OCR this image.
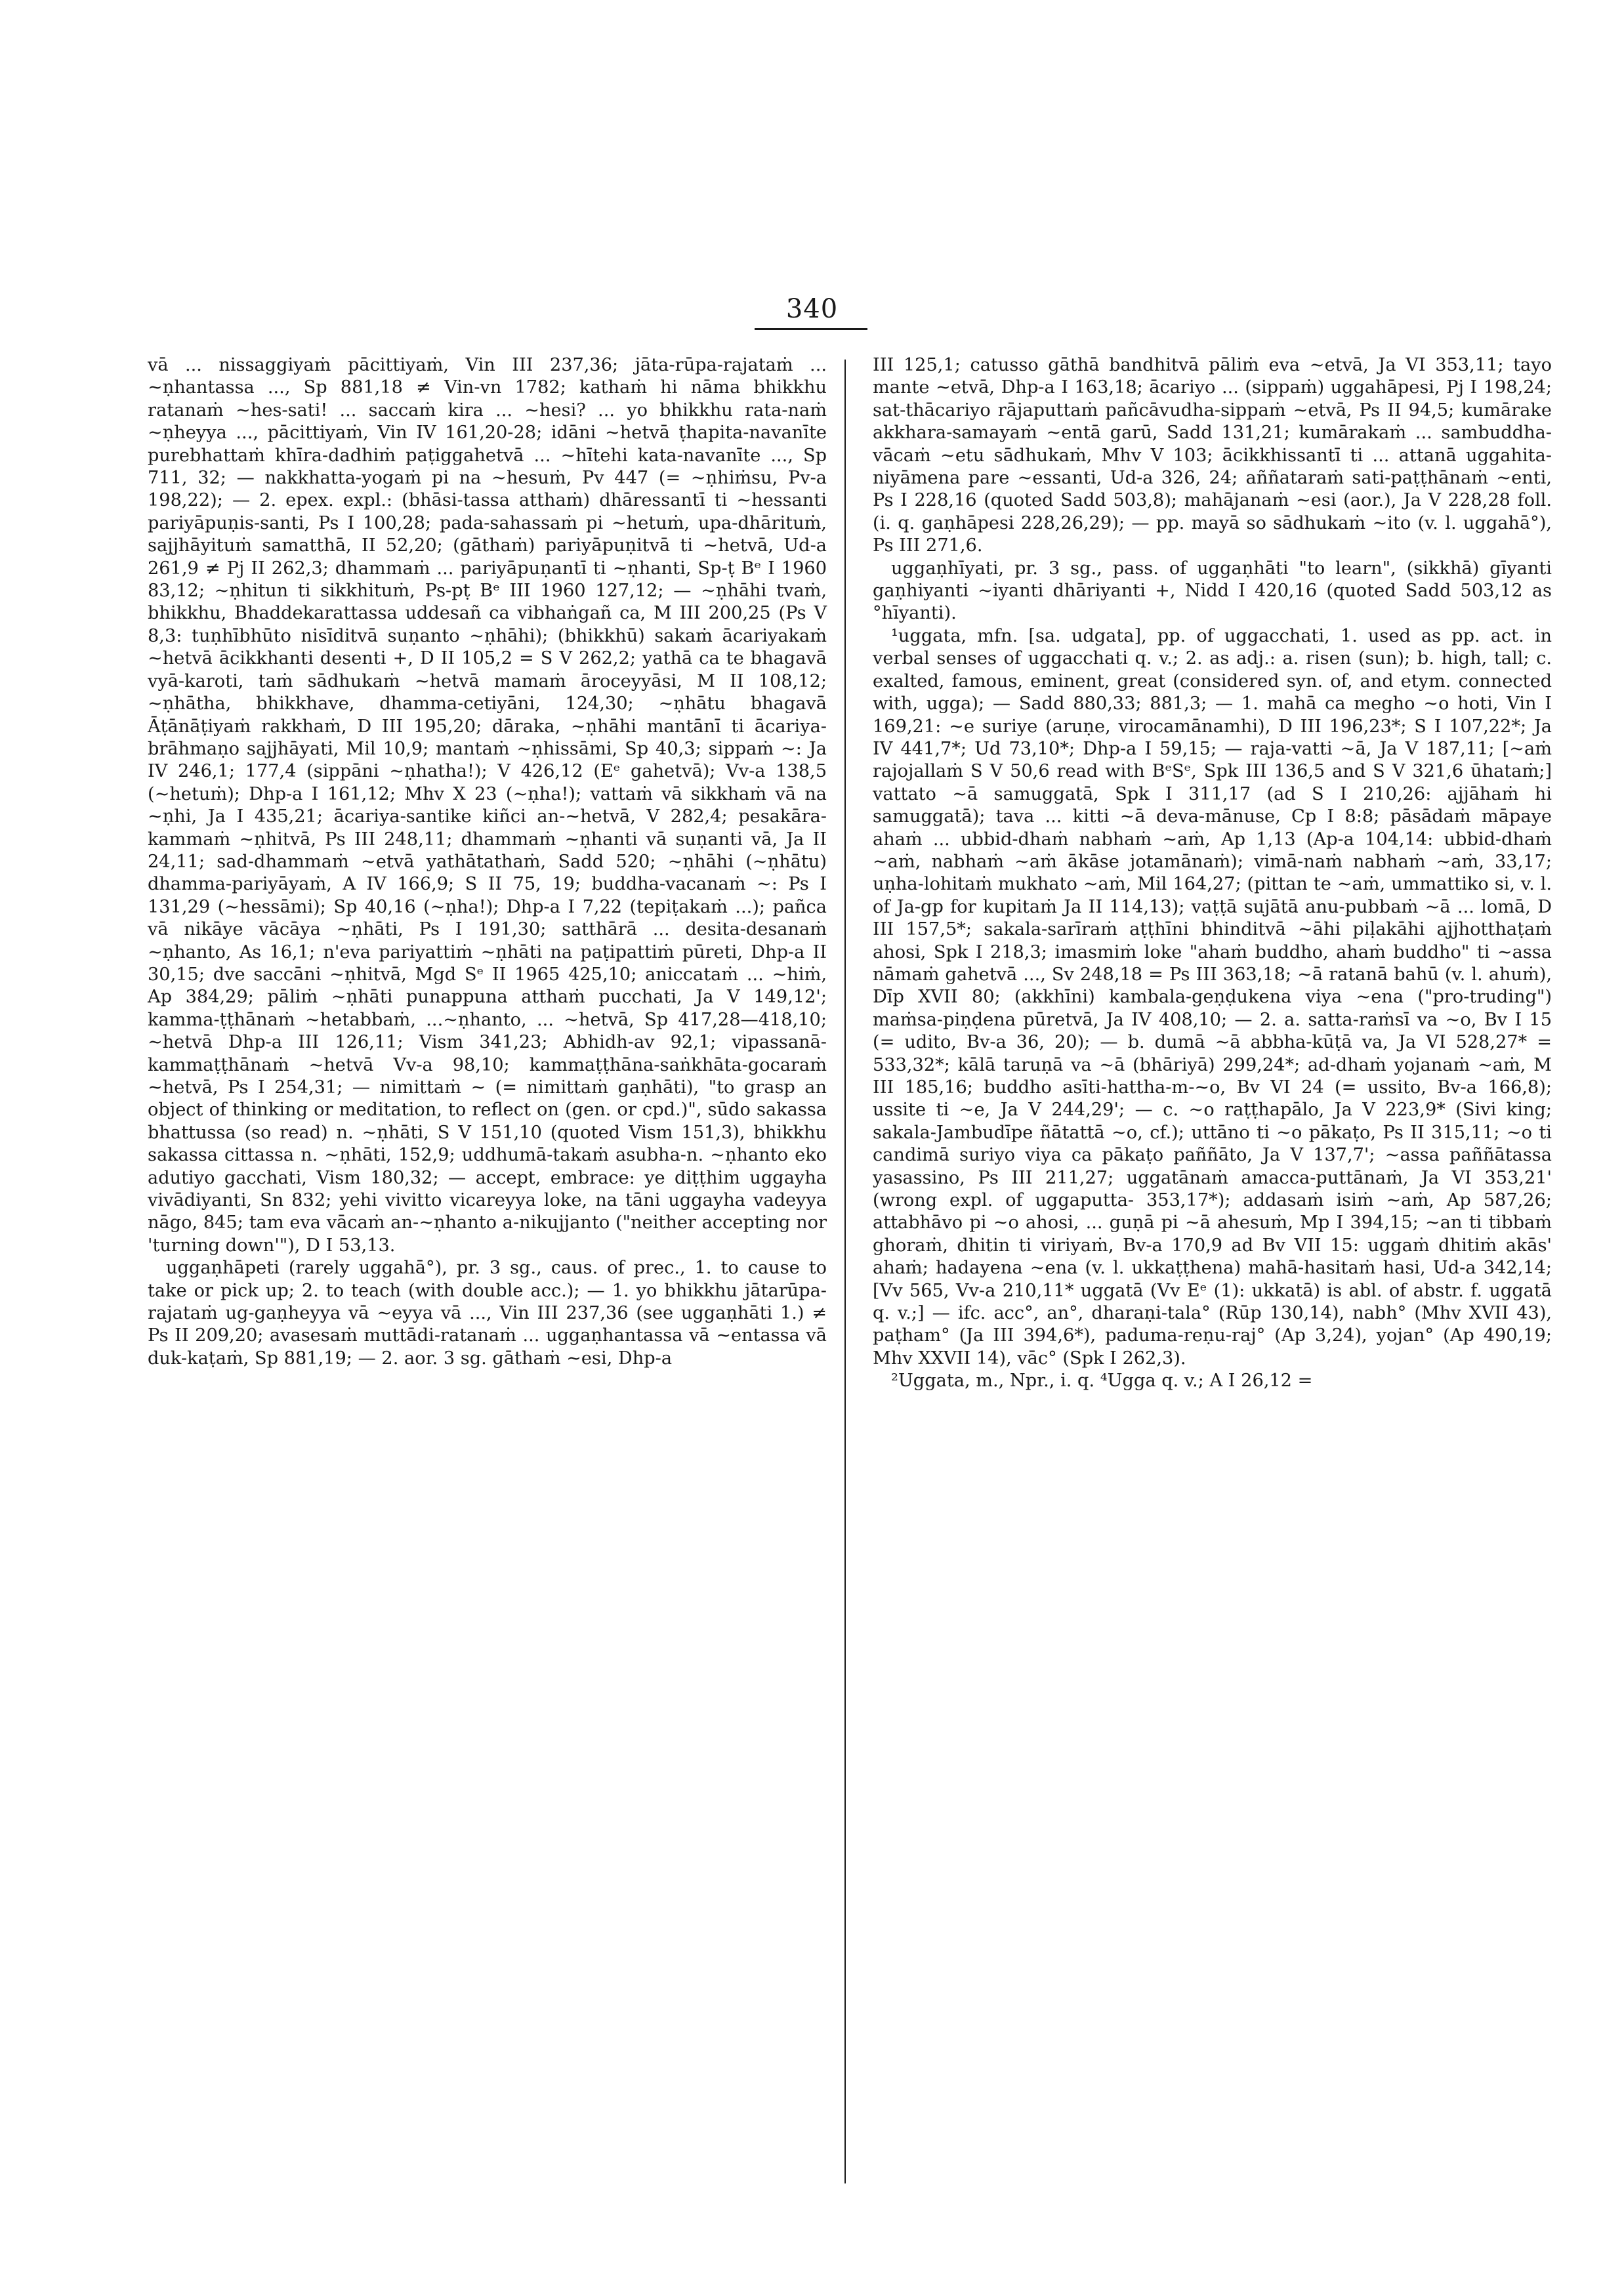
340

vā ... nissaggiyaṁ pācittiyaṁ, Vin III 237,36; jāta-rūpa-rajataṁ ... ~ṇhantassa ..., Sp 881,18 ≠ Vin-vn 1782; kathaṁ hi nāma bhikkhu ratanaṁ ~hes-sati! ... saccaṁ kira ... ~hesi? ... yo bhikkhu rata-naṁ ~ṇheyya ..., pācittiyaṁ, Vin IV 161,20-28; idāni ~hetvā ṭhapita-navanīte purebhattaṁ khīra-dadhiṁ paṭiggahetvā ... ~hītehi kata-navanīte ..., Sp 711, 32; — nakkhatta-yogaṁ pi na ~hesuṁ, Pv 447 (= ~ṇhiṁsu, Pv-a 198,22); — 2. epex. expl.: (bhāsi-tassa atthaṁ) dhāressantī ti ~hessanti pariyāpuṇis-santi, Ps I 100,28; pada-sahassaṁ pi ~hetuṁ, upa-dhārituṁ, sajjhāyituṁ samatthā, II 52,20; (gāthaṁ) pariyāpuṇitvā ti ~hetvā, Ud-a 261,9 ≠ Pj II 262,3; dhammaṁ ... pariyāpuṇantī ti ~ṇhanti, Sp-ṭ Bᵉ I 1960 83,12; ~ṇhitun ti sikkhituṁ, Ps-pṭ Bᵉ III 1960 127,12; — ~ṇhāhi tvaṁ, bhikkhu, Bhaddekarattassa uddesañ ca vibhaṅgañ ca, M III 200,25 (Ps V 8,3: tuṇhībhūto nisīditvā suṇanto ~ṇhāhi); (bhikkhū) sakaṁ ācariyakaṁ ~hetvā ācikkhanti desenti +, D II 105,2 = S V 262,2; yathā ca te bhagavā vyā-karoti, taṁ sādhukaṁ ~hetvā mamaṁ āroceyyāsi, M II 108,12; ~ṇhātha, bhikkhave, dhamma-cetiyāni, 124,30; ~ṇhātu bhagavā Āṭānāṭiyaṁ rakkhaṁ, D III 195,20; dāraka, ~ṇhāhi mantānī ti ācariya-brāhmaṇo sajjhāyati, Mil 10,9; mantaṁ ~ṇhissāmi, Sp 40,3; sippaṁ ~: Ja IV 246,1; 177,4 (sippāni ~ṇhatha!); V 426,12 (Eᵉ gahetvā); Vv-a 138,5 (~hetuṁ); Dhp-a I 161,12; Mhv X 23 (~ṇha!); vattaṁ vā sikkhaṁ vā na ~ṇhi, Ja I 435,21; ācariya-santike kiñci an-~hetvā, V 282,4; pesakāra-kammaṁ ~ṇhitvā, Ps III 248,11; dhammaṁ ~ṇhanti vā suṇanti vā, Ja II 24,11; sad-dhammaṁ ~etvā yathātathaṁ, Sadd 520; ~ṇhāhi (~ṇhātu) dhamma-pariyāyaṁ, A IV 166,9; S II 75, 19; buddha-vacanaṁ ~: Ps I 131,29 (~hessāmi); Sp 40,16 (~ṇha!); Dhp-a I 7,22 (tepiṭakaṁ ...); pañca vā nikāye vācāya ~ṇhāti, Ps I 191,30; satthārā ... desita-desanaṁ ~ṇhanto, As 16,1; n'eva pariyattiṁ ~ṇhāti na paṭipattiṁ pūreti, Dhp-a II 30,15; dve saccāni ~ṇhitvā, Mgd Sᵉ II 1965 425,10; aniccataṁ ... ~hiṁ, Ap 384,29; pāliṁ ~ṇhāti punappuna atthaṁ pucchati, Ja V 149,12'; kamma-ṭṭhānaṁ ~hetabbaṁ, ...~ṇhanto, ... ~hetvā, Sp 417,28—418,10; ~hetvā Dhp-a III 126,11; Vism 341,23; Abhidh-av 92,1; vipassanā-kammaṭṭhānaṁ ~hetvā Vv-a 98,10; kammaṭṭhāna-saṅkhāta-gocaraṁ ~hetvā, Ps I 254,31; — nimittaṁ ~ (= nimittaṁ gaṇhāti), "to grasp an object of thinking or meditation, to reflect on (gen. or cpd.)", sūdo sakassa bhattussa (so read) n. ~ṇhāti, S V 151,10 (quoted Vism 151,3), bhikkhu sakassa cittassa n. ~ṇhāti, 152,9; uddhumā-takaṁ asubha-n. ~ṇhanto eko adutiyo gacchati, Vism 180,32; — accept, embrace: ye diṭṭhim uggayha vivādiyanti, Sn 832; yehi vivitto vicareyya loke, na tāni uggayha vadeyya nāgo, 845; tam eva vācaṁ an-~ṇhanto a-nikujjanto ("neither accepting nor 'turning down'"), D I 53,13.

uggaṇhāpeti (rarely uggahā°), pr. 3 sg., caus. of prec., 1. to cause to take or pick up; 2. to teach (with double acc.); — 1. yo bhikkhu jātarūpa-rajataṁ ug-gaṇheyya vā ~eyya vā ..., Vin III 237,36 (see uggaṇhāti 1.) ≠ Ps II 209,20; avasesaṁ muttādi-ratanaṁ ... uggaṇhantassa vā ~entassa vā duk-kaṭaṁ, Sp 881,19; — 2. aor. 3 sg. gāthaṁ ~esi, Dhp-a

III 125,1; catusso gāthā bandhitvā pāliṁ eva ~etvā, Ja VI 353,11; tayo mante ~etvā, Dhp-a I 163,18; ācariyo ... (sippaṁ) uggahāpesi, Pj I 198,24; sat-thācariyo rājaputtaṁ pañcāvudha-sippaṁ ~etvā, Ps II 94,5; kumārake akkhara-samayaṁ ~entā garū, Sadd 131,21; kumārakaṁ ... sambuddha-vācaṁ ~etu sādhukaṁ, Mhv V 103; ācikkhissantī ti ... attanā uggahita-niyāmena pare ~essanti, Ud-a 326, 24; aññataraṁ sati-paṭṭhānaṁ ~enti, Ps I 228,16 (quoted Sadd 503,8); mahājanaṁ ~esi (aor.), Ja V 228,28 foll. (i. q. gaṇhāpesi 228,26,29); — pp. mayā so sādhukaṁ ~ito (v. l. uggahā°), Ps III 271,6.

uggaṇhīyati, pr. 3 sg., pass. of uggaṇhāti "to learn", (sikkhā) gīyanti gaṇhiyanti ~iyanti dhāriyanti +, Nidd I 420,16 (quoted Sadd 503,12 as °hīyanti).

¹uggata, mfn. [sa. udgata], pp. of uggacchati, 1. used as pp. act. in verbal senses of uggacchati q. v.; 2. as adj.: a. risen (sun); b. high, tall; c. exalted, famous, eminent, great (considered syn. of, and etym. connected with, ugga); — Sadd 880,33; 881,3; — 1. mahā ca megho ~o hoti, Vin I 169,21: ~e suriye (aruṇe, virocamānamhi), D III 196,23*; S I 107,22*; Ja IV 441,7*; Ud 73,10*; Dhp-a I 59,15; — raja-vatti ~ā, Ja V 187,11; [~aṁ rajojallaṁ S V 50,6 read with BᵉSᵉ, Spk III 136,5 and S V 321,6 ūhataṁ;] vattato ~ā samuggatā, Spk I 311,17 (ad S I 210,26: ajjāhaṁ hi samuggatā); tava ... kitti ~ā deva-mānuse, Cp I 8:8; pāsādaṁ māpaye ahaṁ ... ubbid-dhaṁ nabhaṁ ~aṁ, Ap 1,13 (Ap-a 104,14: ubbid-dhaṁ ~aṁ, nabhaṁ ~aṁ ākāse jotamānaṁ); vimā-naṁ nabhaṁ ~aṁ, 33,17; uṇha-lohitaṁ mukhato ~aṁ, Mil 164,27; (pittan te ~aṁ, ummattiko si, v. l. of Ja-gp for kupitaṁ Ja II 114,13); vaṭṭā sujātā anu-pubbaṁ ~ā ... lomā, D III 157,5*; sakala-sarīraṁ aṭṭhīni bhinditvā ~āhi piḷakāhi ajjhotthaṭaṁ ahosi, Spk I 218,3; imasmiṁ loke "ahaṁ buddho, ahaṁ buddho" ti ~assa nāmaṁ gahetvā ..., Sv 248,18 = Ps III 363,18; ~ā ratanā bahū (v. l. ahuṁ), Dīp XVII 80; (akkhīni) kambala-geṇḍukena viya ~ena ("pro-truding") maṁsa-piṇḍena pūretvā, Ja IV 408,10; — 2. a. satta-raṁsī va ~o, Bv I 15 (= udito, Bv-a 36, 20); — b. dumā ~ā abbha-kūṭā va, Ja VI 528,27* = 533,32*; kālā taruṇā va ~ā (bhāriyā) 299,24*; ad-dhaṁ yojanaṁ ~aṁ, M III 185,16; buddho asīti-hattha-m-~o, Bv VI 24 (= ussito, Bv-a 166,8); ussite ti ~e, Ja V 244,29'; — c. ~o raṭṭhapālo, Ja V 223,9* (Sivi king; sakala-Jambudīpe ñātattā ~o, cf.); uttāno ti ~o pākaṭo, Ps II 315,11; ~o ti candimā suriyo viya ca pākaṭo paññāto, Ja V 137,7'; ~assa paññātassa yasassino, Ps III 211,27; uggatānaṁ amacca-puttānaṁ, Ja VI 353,21' (wrong expl. of uggaputta- 353,17*); addasaṁ isiṁ ~aṁ, Ap 587,26; attabhāvo pi ~o ahosi, ... guṇā pi ~ā ahesuṁ, Mp I 394,15; ~an ti tibbaṁ ghoraṁ, dhitin ti viriyaṁ, Bv-a 170,9 ad Bv VII 15: uggaṁ dhitiṁ akās' ahaṁ; hadayena ~ena (v. l. ukkaṭṭhena) mahā-hasitaṁ hasi, Ud-a 342,14; [Vv 565, Vv-a 210,11* uggatā (Vv Eᵉ (1): ukkatā) is abl. of abstr. f. uggatā q. v.;] — ifc. acc°, an°, dharaṇi-tala° (Rūp 130,14), nabh° (Mhv XVII 43), paṭham° (Ja III 394,6*), paduma-reṇu-raj° (Ap 3,24), yojan° (Ap 490,19; Mhv XXVII 14), vāc° (Spk I 262,3).

²Uggata, m., Npr., i. q. ⁴Ugga q. v.; A I 26,12 =
